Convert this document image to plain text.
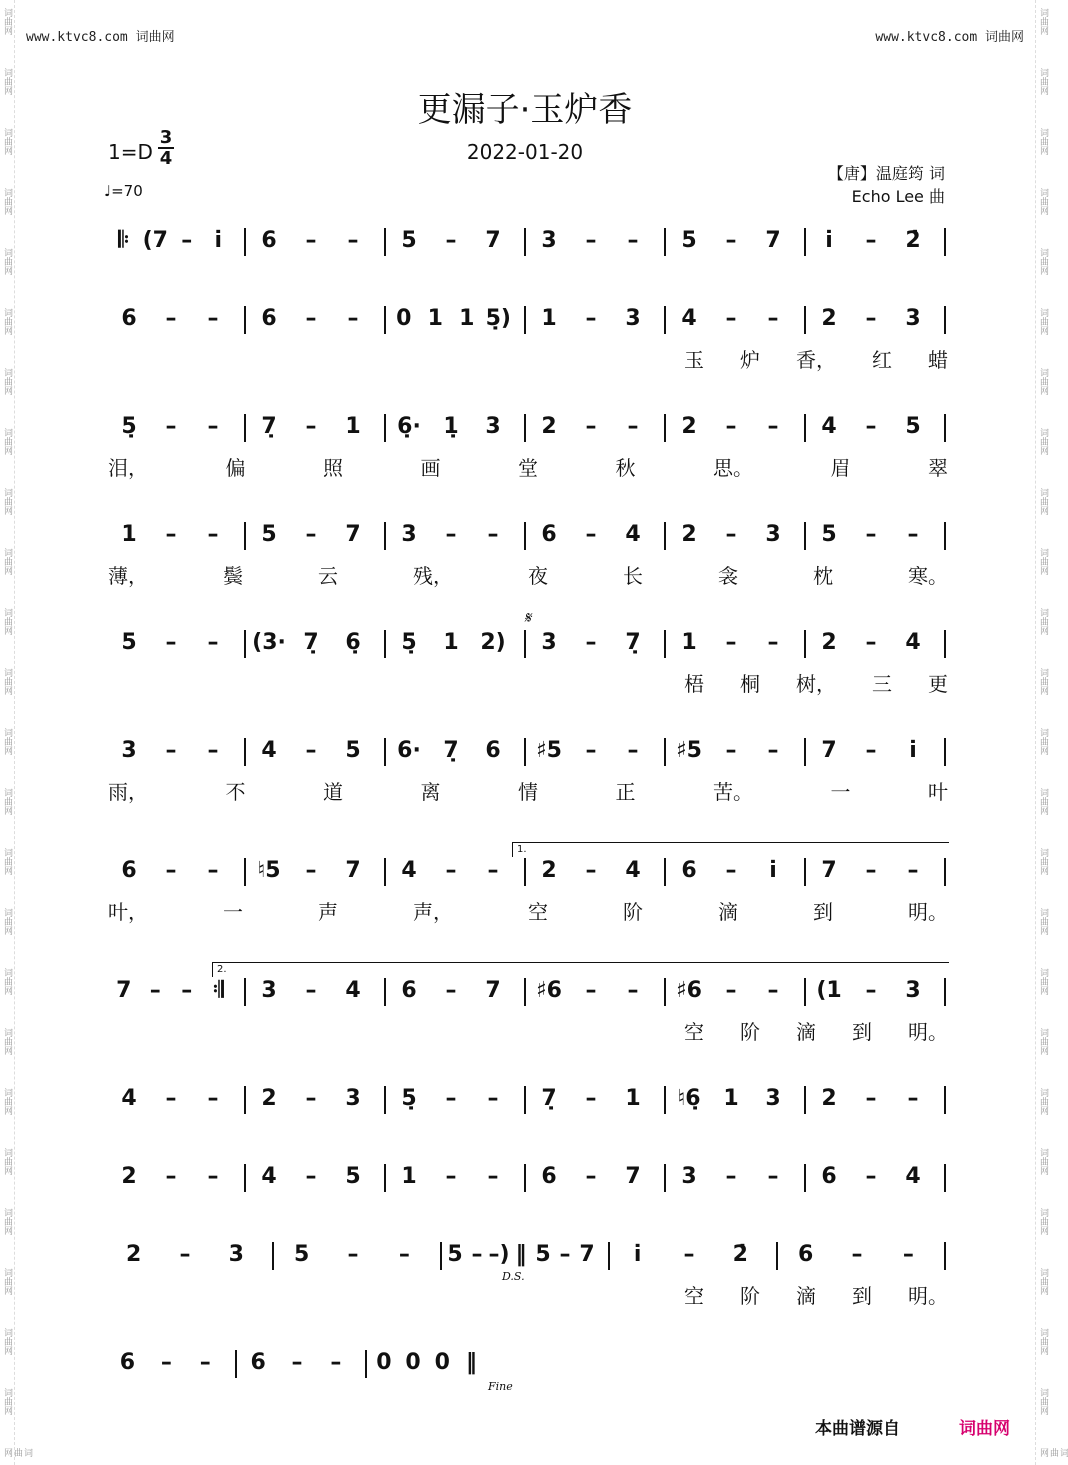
词曲网
词曲网
词曲网
词曲网
词曲网
词曲网
词曲网
词曲网
词曲网
词曲网
词曲网
词曲网
词曲网
词曲网
词曲网
词曲网
词曲网
词曲网
词曲网
词曲网
词曲网
词曲网
词曲网
词曲网
词曲网
词曲网
词曲网
词曲网
词曲网
词曲网
词曲网
词曲网
词曲网
词曲网
词曲网
词曲网
词曲网
词曲网
词曲网
词曲网
词曲网
词曲网
词曲网
词曲网
词曲网
词曲网
词曲网
词曲网
词曲网
词曲网
www.ktvc8.com 词曲网	www.ktvc8.com 词曲网
更漏子·玉炉香
2022-01-20
1=D
3
4
♩=70
【唐】温庭筠 词
Echo Lee 曲
𝄆 (7 – i̇ 6 – – 5 – 7 3 – – 5 – 7 i̇ – 2̇
6 – – 6 – – 0 1 1 5̣) 1 – 3 4 – – 2 – 3
玉 炉 香， 红 蜡
5̣ – – 7̣ – 1 6̣· 1̣ 3 2 – – 2 – – 4 – 5
泪，	偏	照	画	堂	秋	思。	眉	翠
1 – – 5 – 7 3 – – 6 – 4 2 – 3 5 – –
薄，	鬓	云	残，	夜	长	衾	枕	寒。
5 – – (3· 7̣ 6̣ 5̣ 1 2) 3 – 7̣ 1 – – 2 – 4
梧 桐 树， 三 更
3 – – 4 – 5 6· 7̣ 6 ♯5 – – ♯5 – – 7 – i̇
雨，	不	道	离	情	正	苦。	一	叶
6 – – ♮5 – 7 4 – – 2 – 4 6 – i̇ 7 – –
叶，	一	声	声，	空	阶	滴	到	明。
7 – – 𝄇 3 – 4 6 – 7 ♯6 – – ♯6 – – (1 – 3
空 阶 滴 到 明。
4 – – 2 – 3 5̣ – – 7̣ – 1 ♮6̣ 1 3 2 – –
2 – – 4 – 5 1 – – 6 – 7 3 – – 6 – 4
2 – 3 5 – – 5 – –) ‖ 5 – 7 i̇ – 2̇ 6 – –
空 阶 滴 到 明。
6 – – 6 – – 0 0 0 ‖
𝄋
1.
2.
D.S.
Fine
本曲谱源自	词曲网
